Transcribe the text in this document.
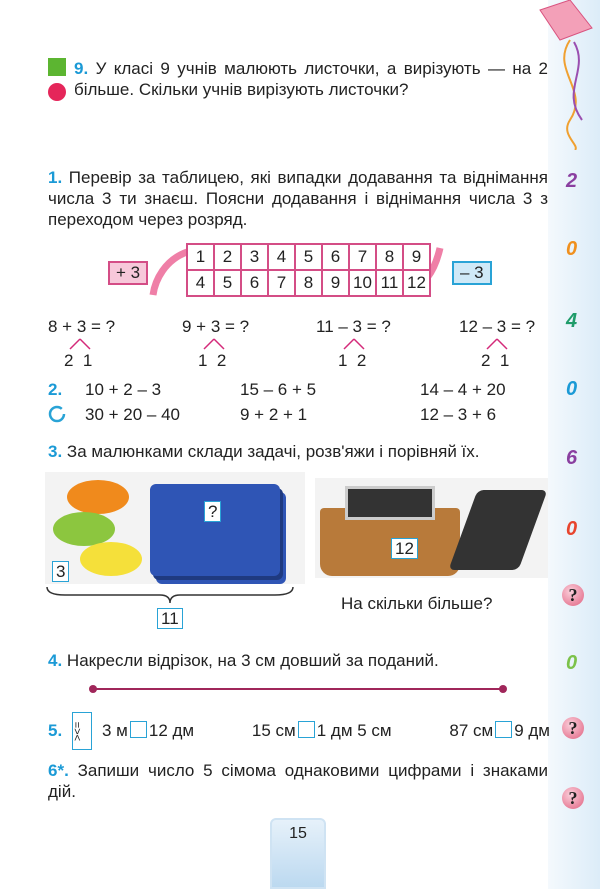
2
0
4
0
6
0
0
?
?
?
9. У класі 9 учнів малюють листочки, а вирізують — на 2 більше. Скільки учнів вирізують листочки?
1. Перевір за таблицею, які випадки додавання та віднімання числа 3 ти знаєш. Поясни додавання і віднімання числа 3 з переходом через розряд.
+ 3	– 3
1	2	3	4	5	6	7	8	9
4	5	6	7	8	9	10	11	12
8 + 3 = ?
2  1
9 + 3 = ?
1  2
11 – 3 = ?
1  2
12 – 3 = ?
2  1
2. 10 + 2 – 3	15 – 6 + 5	14 – 4 + 20
30 + 20 – 40	9 + 2 + 1	12 – 3 + 6
3. За малюнками склади задачі, розв'яжи і порівняй їх.
3
?
11
12
На скільки більше?
4. Накресли відрізок, на 3 см довший за поданий.
5. ><=	3 м 12 дм	15 см 1 дм 5 см	87 см 9 дм
6*. Запиши число 5 сімома однаковими цифрами і знаками дій.
15
